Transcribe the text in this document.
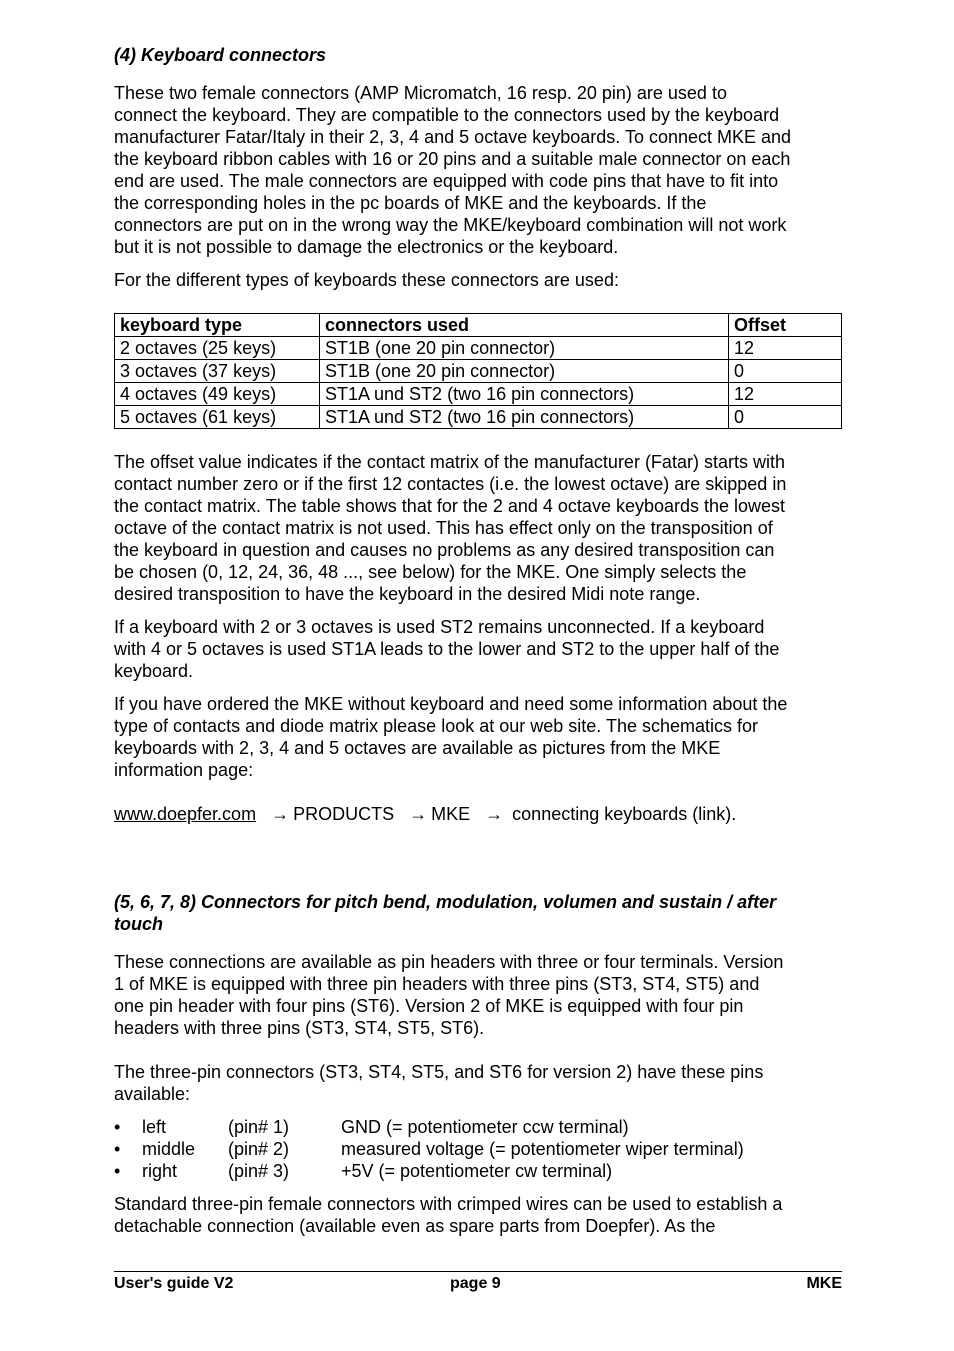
(4) Keyboard connectors

These two female connectors (AMP Micromatch, 16 resp. 20 pin) are used to

connect the keyboard. They are compatible to the connectors used by the keyboard

manufacturer Fatar/Italy in their 2, 3, 4 and 5 octave keyboards. To connect MKE and

the keyboard ribbon cables with 16 or 20 pins and a suitable male connector on each

end are used. The male connectors are equipped with code pins that have to fit into

the corresponding holes in the pc boards of MKE and the keyboards. If the

connectors are put on in the wrong way the MKE/keyboard combination will not work

but it is not possible to damage the electronics or the keyboard.

For the different types of keyboards these connectors are used:

keyboard type	connectors used	Offset
2 octaves (25 keys)	ST1B (one 20 pin connector)	12
3 octaves (37 keys)	ST1B (one 20 pin connector)	0
4 octaves (49 keys)	ST1A und ST2 (two 16 pin connectors)	12
5 octaves (61 keys)	ST1A und ST2 (two 16 pin connectors)	0

The offset value indicates if the contact matrix of the manufacturer (Fatar) starts with

contact number zero or if the first 12 contactes (i.e. the lowest octave) are skipped in

the contact matrix. The table shows that for the 2 and 4 octave keyboards the lowest

octave of the contact matrix is not used. This has effect only on the transposition of

the keyboard in question and causes no problems as any desired transposition can

be chosen (0, 12, 24, 36, 48 ..., see below) for the MKE. One simply selects the

desired transposition to have the keyboard in the desired Midi note range.

If a keyboard with 2 or 3 octaves is used ST2 remains unconnected. If a keyboard

with 4 or 5 octaves is used ST1A leads to the lower and ST2 to the upper half of the

keyboard.

If you have ordered the MKE without keyboard and need some information about the

type of contacts and diode matrix please look at our web site. The schematics for

keyboards with 2, 3, 4 and 5 octaves are available as pictures from the MKE

information page:

www.doepfer.com → PRODUCTS → MKE → connecting keyboards (link).

(5, 6, 7, 8) Connectors for pitch bend, modulation, volumen and sustain / after
touch

These connections are available as pin headers with three or four terminals. Version

1 of MKE is equipped with three pin headers with three pins (ST3, ST4, ST5) and

one pin header with four pins (ST6). Version 2 of MKE is equipped with four pin

headers with three pins (ST3, ST4, ST5, ST6).

The three-pin connectors (ST3, ST4, ST5, and ST6 for version 2) have these pins

available:

• left	(pin# 1)	GND (= potentiometer ccw terminal)
• middle (pin# 2)	measured voltage (= potentiometer wiper terminal)
• right	(pin# 3)	+5V (= potentiometer cw terminal)

Standard three-pin female connectors with crimped wires can be used to establish a

detachable connection (available even as spare parts from Doepfer). As the

User's guide V2	page 9	MKE
